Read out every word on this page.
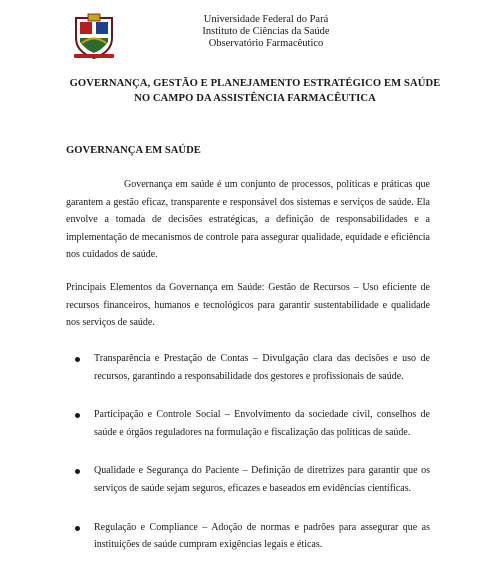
Universidade Federal do Pará
Instituto de Ciências da Saúde
Observatório Farmacêutico
GOVERNANÇA, GESTÃO E PLANEJAMENTO ESTRATÉGICO EM SAÚDE
NO CAMPO DA ASSISTÊNCIA FARMACÊUTICA
GOVERNANÇA EM SAÚDE

Governança em saúde é um conjunto de processos, políticas e práticas que garantem a gestão eficaz, transparente e responsável dos sistemas e serviços de saúde. Ela envolve a tomada de decisões estratégicas, a definição de responsabilidades e a implementação de mecanismos de controle para assegurar qualidade, equidade e eficiência nos cuidados de saúde.

Principais Elementos da Governança em Saúde: Gestão de Recursos – Uso eficiente de recursos financeiros, humanos e tecnológicos para garantir sustentabilidade e qualidade nos serviços de saúde.

Transparência e Prestação de Contas – Divulgação clara das decisões e uso de recursos, garantindo a responsabilidade dos gestores e profissionais de saúde.
Participação e Controle Social – Envolvimento da sociedade civil, conselhos de saúde e órgãos reguladores na formulação e fiscalização das políticas de saúde.
Qualidade e Segurança do Paciente – Definição de diretrizes para garantir que os serviços de saúde sejam seguros, eficazes e baseados em evidências científicas.
Regulação e Compliance – Adoção de normas e padrões para assegurar que as instituições de saúde cumpram exigências legais e éticas.
